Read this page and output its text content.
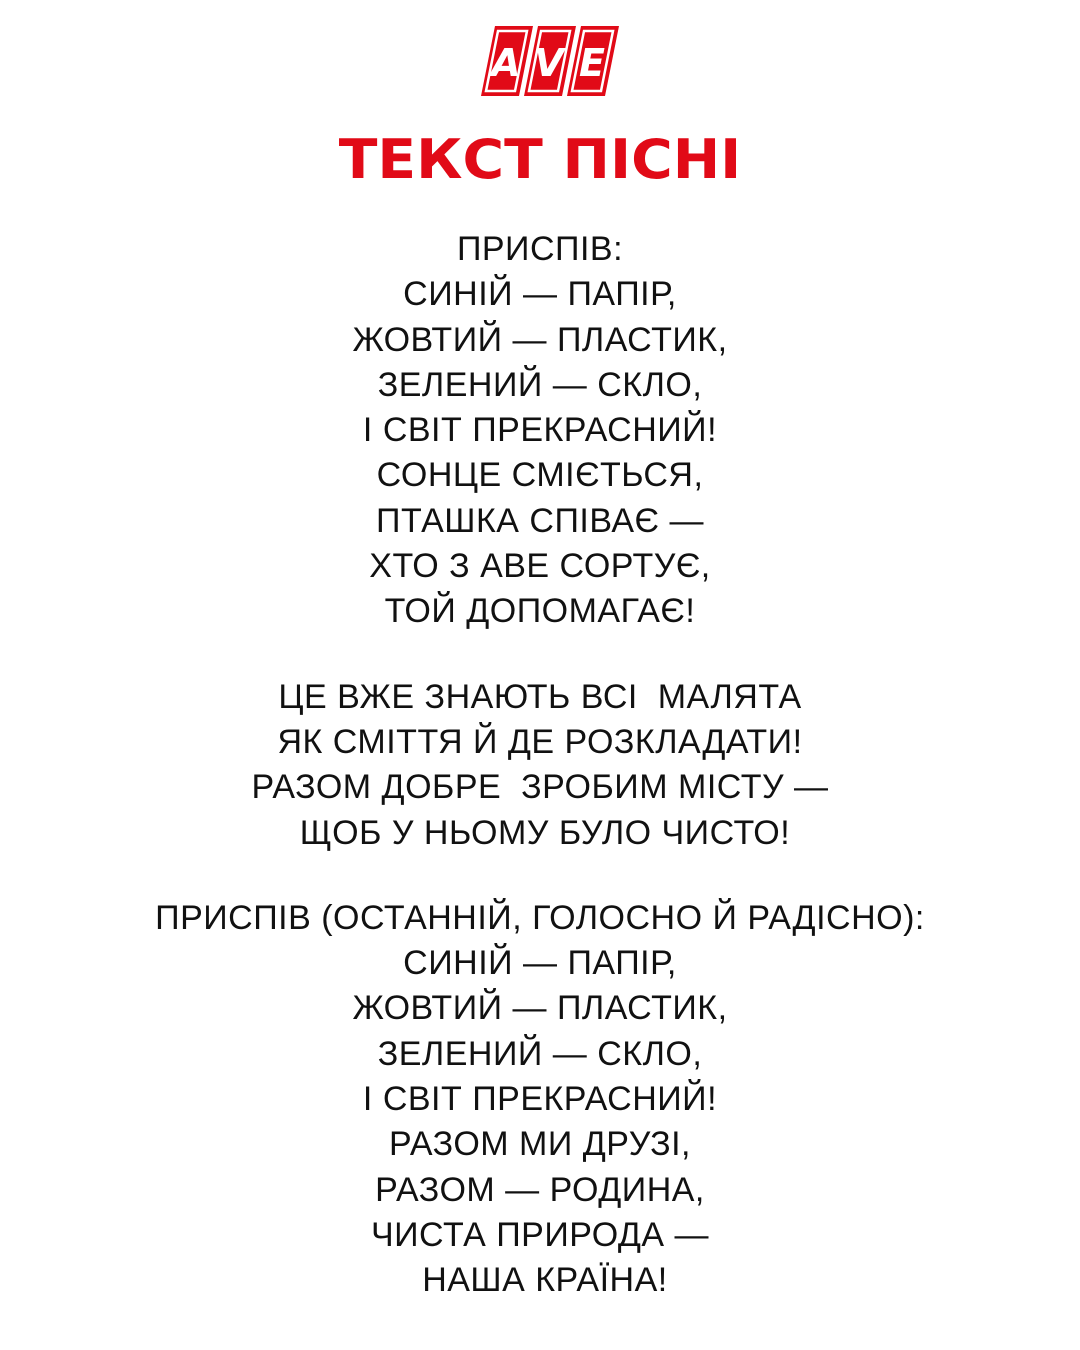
A V E
ТЕКСТ ПІСНІ
ПРИСПІВ:
СИНІЙ — ПАПІР,
ЖОВТИЙ — ПЛАСТИК,
ЗЕЛЕНИЙ — СКЛО,
І СВІТ ПРЕКРАСНИЙ!
СОНЦЕ СМІЄТЬСЯ,
ПТАШКА СПІВАЄ —
ХТО З АВЕ СОРТУЄ,
ТОЙ ДОПОМАГАЄ!
ЦЕ ВЖЕ ЗНАЮТЬ ВСІ  МАЛЯТА
ЯК СМІТТЯ Й ДЕ РОЗКЛАДАТИ!
РАЗОМ ДОБРЕ  ЗРОБИМ МІСТУ —
ЩОБ У НЬОМУ БУЛО ЧИСТО!
ПРИСПІВ (ОСТАННІЙ, ГОЛОСНО Й РАДІСНО):
СИНІЙ — ПАПІР,
ЖОВТИЙ — ПЛАСТИК,
ЗЕЛЕНИЙ — СКЛО,
І СВІТ ПРЕКРАСНИЙ!
РАЗОМ МИ ДРУЗІ,
РАЗОМ — РОДИНА,
ЧИСТА ПРИРОДА —
НАША КРАЇНА!
